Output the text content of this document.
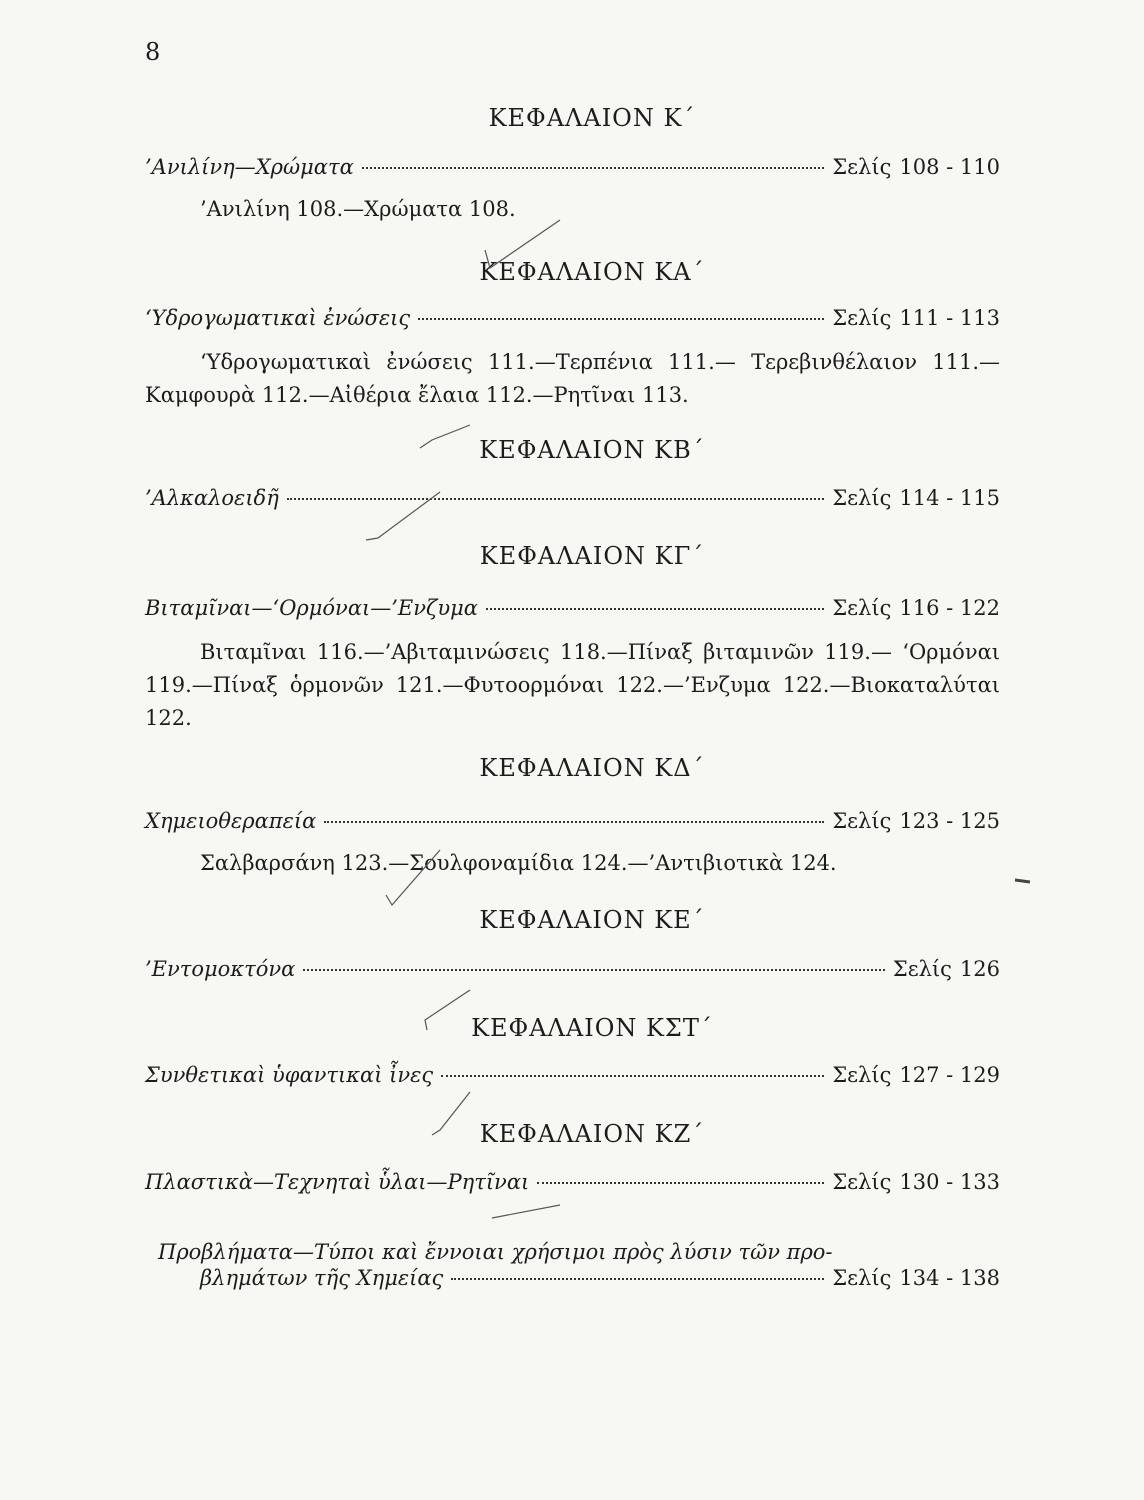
8
ΚΕΦΑΛΑΙΟΝ Κ΄
’Ανιλίνη—Χρώματα	Σελίς 108 - 110
’Ανιλίνη 108.—Χρώματα 108.
ΚΕΦΑΛΑΙΟΝ ΚΑ΄
‘Υδρογωματικαὶ ἐνώσεις	Σελίς 111 - 113
‘Υδρογωματικαὶ ἐνώσεις 111.—Τερπένια 111.— Τερεβινθέλαιον 111.—Καμφουρὰ 112.—Αἰθέρια ἔλαια 112.—Ρητῖναι 113.
ΚΕΦΑΛΑΙΟΝ ΚΒ΄
’Αλκαλοειδῆ	Σελίς 114 - 115
ΚΕΦΑΛΑΙΟΝ ΚΓ΄
Βιταμῖναι—‘Ορμόναι—’Ενζυμα	Σελίς 116 - 122
Βιταμῖναι 116.—’Αβιταμινώσεις 118.—Πίναξ βιταμινῶν 119.— ‘Ορμόναι 119.—Πίναξ ὁρμονῶν 121.—Φυτοορμόναι 122.—’Ενζυμα 122.—Βιοκαταλύται 122.
ΚΕΦΑΛΑΙΟΝ ΚΔ΄
Χημειοθεραπεία	Σελίς 123 - 125
Σαλβαρσάνη 123.—Σουλφοναμίδια 124.—’Αντιβιοτικὰ 124.
ΚΕΦΑΛΑΙΟΝ ΚΕ΄
’Εντομοκτόνα	Σελίς 126
ΚΕΦΑΛΑΙΟΝ ΚΣΤ΄
Συνθετικαὶ ὑφαντικαὶ ἶνες	Σελίς 127 - 129
ΚΕΦΑΛΑΙΟΝ ΚΖ΄
Πλαστικὰ—Τεχνηταὶ ὗλαι—Ρητῖναι	Σελίς 130 - 133
Προβλήματα—Τύποι καὶ ἔννοιαι χρήσιμοι πρὸς λύσιν τῶν προ-
βλημάτων τῆς Χημείας	Σελίς 134 - 138
